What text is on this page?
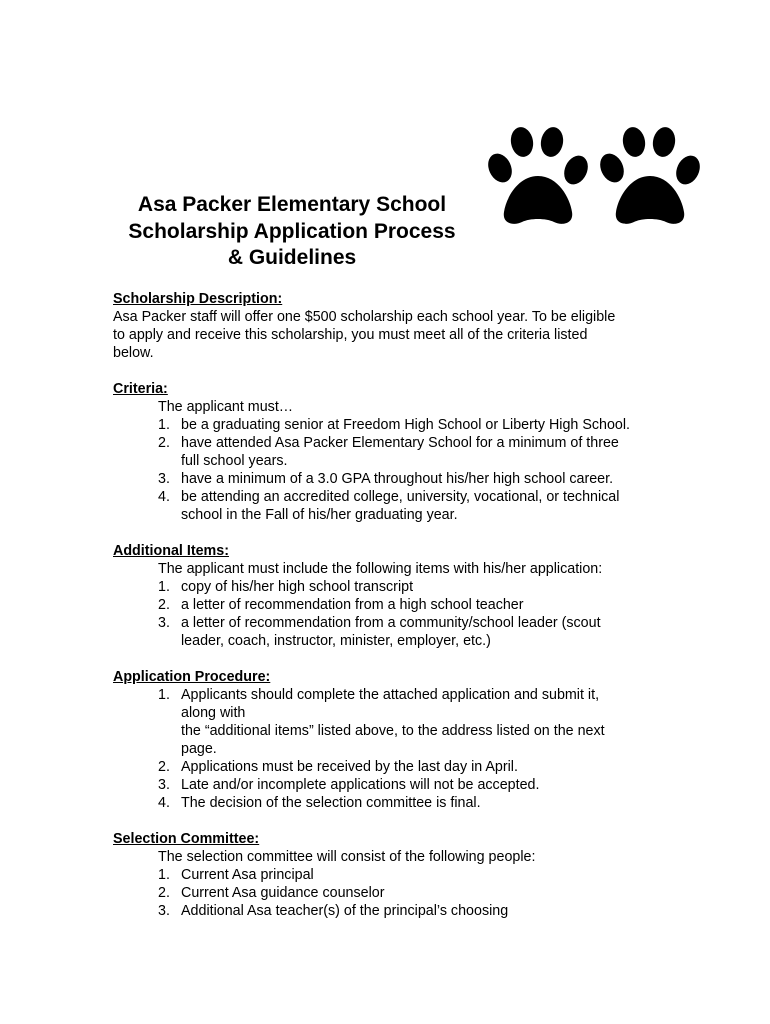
Asa Packer Elementary School
Scholarship Application Process
& Guidelines
Scholarship Description:
Asa Packer staff will offer one $500 scholarship each school year. To be eligible
to apply and receive this scholarship, you must meet all of the criteria listed
below.
Criteria:
The applicant must…
1. be a graduating senior at Freedom High School or Liberty High School.
2. have attended Asa Packer Elementary School for a minimum of three
full school years.
3. have a minimum of a 3.0 GPA throughout his/her high school career.
4. be attending an accredited college, university, vocational, or technical
school in the Fall of his/her graduating year.
Additional Items:
The applicant must include the following items with his/her application:
1. copy of his/her high school transcript
2. a letter of recommendation from a high school teacher
3. a letter of recommendation from a community/school leader (scout
leader, coach, instructor, minister, employer, etc.)
Application Procedure:
1. Applicants should complete the attached application and submit it,
along with
the “additional items” listed above, to the address listed on the next
page.
2. Applications must be received by the last day in April.
3. Late and/or incomplete applications will not be accepted.
4. The decision of the selection committee is final.
Selection Committee:
The selection committee will consist of the following people:
1. Current Asa principal
2. Current Asa guidance counselor
3. Additional Asa teacher(s) of the principal’s choosing
